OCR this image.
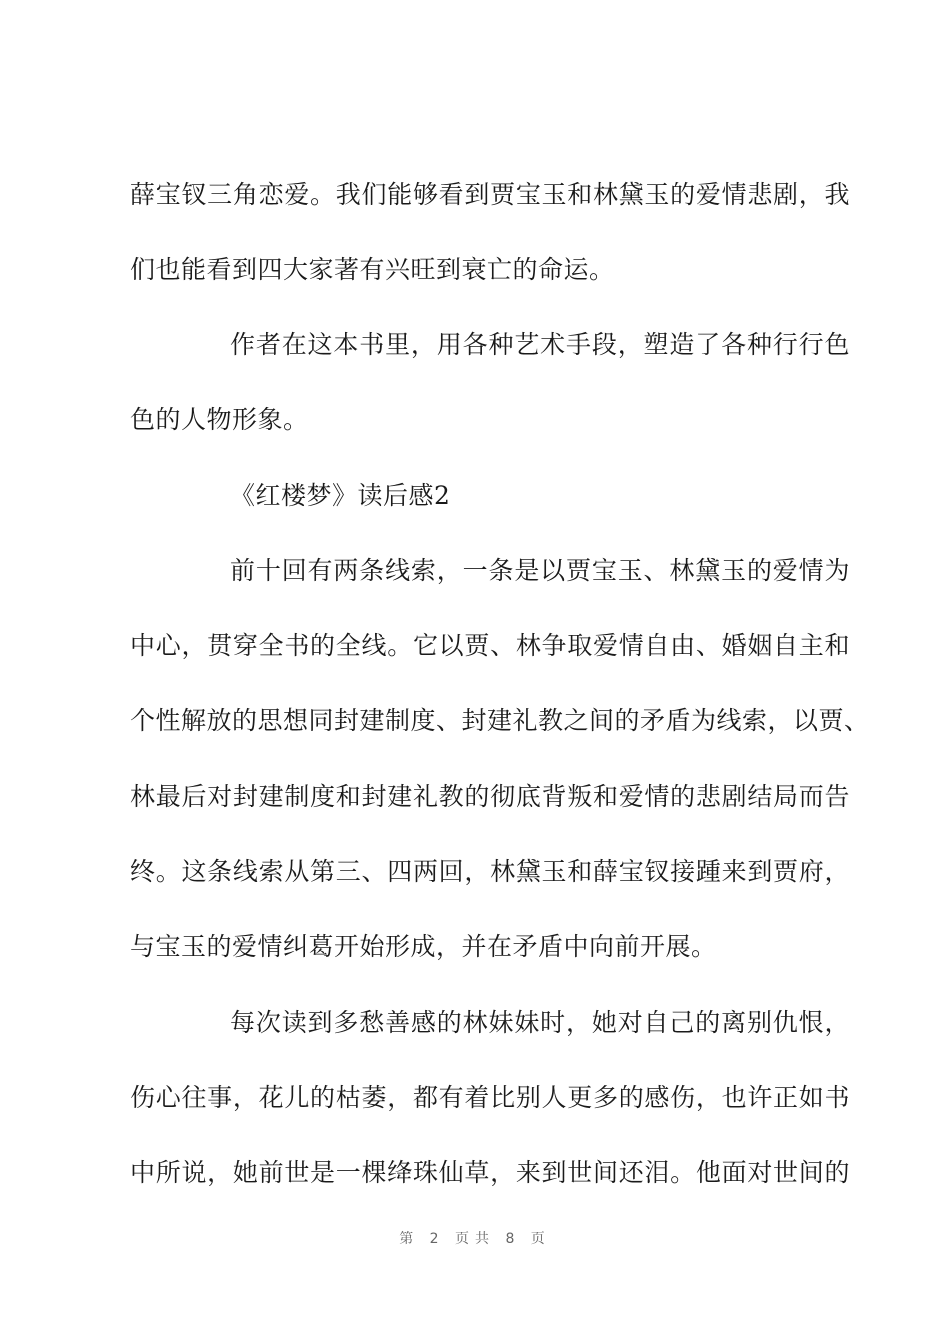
薛宝钗三角恋爱。我们能够看到贾宝玉和林黛玉的爱情悲剧，我
们也能看到四大家著有兴旺到衰亡的命运。
作者在这本书里，用各种艺术手段，塑造了各种行行色
色的人物形象。
《红楼梦》读后感2
前十回有两条线索，一条是以贾宝玉、林黛玉的爱情为
中心，贯穿全书的全线。它以贾、林争取爱情自由、婚姻自主和
个性解放的思想同封建制度、封建礼教之间的矛盾为线索，以贾、
林最后对封建制度和封建礼教的彻底背叛和爱情的悲剧结局而告
终。这条线索从第三、四两回，林黛玉和薛宝钗接踵来到贾府，
与宝玉的爱情纠葛开始形成，并在矛盾中向前开展。
每次读到多愁善感的林妹妹时，她对自己的离别仇恨，
伤心往事，花儿的枯萎，都有着比别人更多的感伤，也许正如书
中所说，她前世是一棵绛珠仙草，来到世间还泪。他面对世间的
第 2 页共 8 页
